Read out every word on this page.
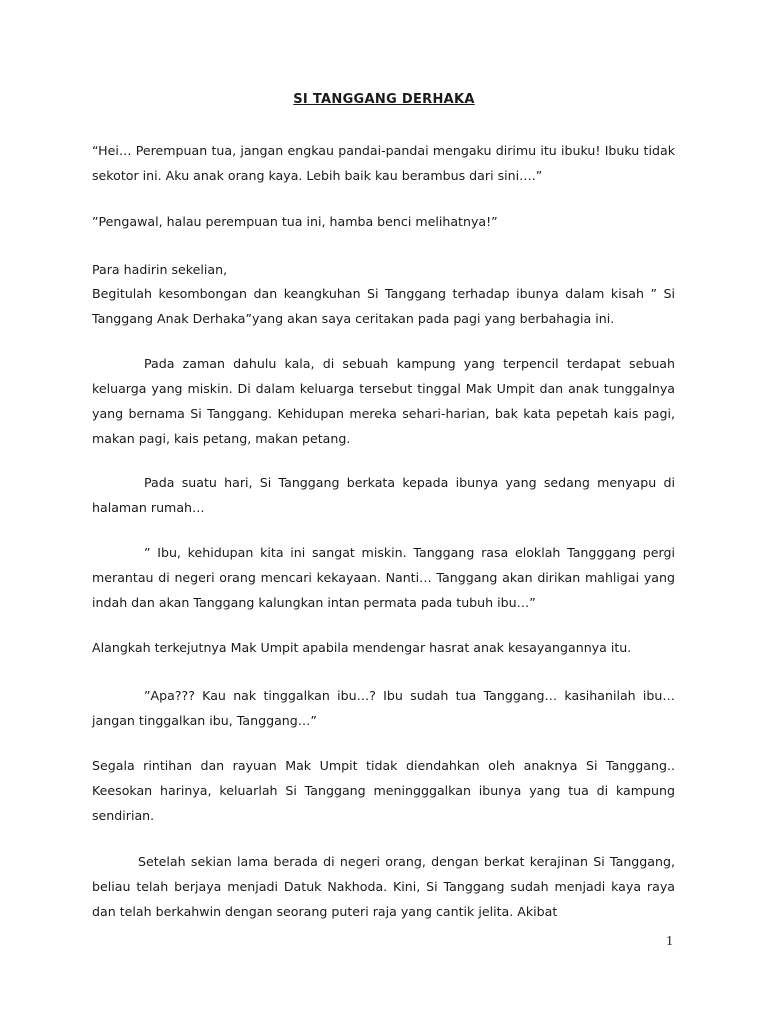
SI TANGGANG DERHAKA

“Hei… Perempuan tua, jangan engkau pandai-pandai mengaku dirimu itu ibuku! Ibuku tidak sekotor ini. Aku anak orang kaya. Lebih baik kau berambus dari sini….”

”Pengawal, halau perempuan tua ini, hamba benci melihatnya!”

Para hadirin sekelian,

Begitulah kesombongan dan keangkuhan Si Tanggang terhadap ibunya dalam kisah ” Si Tanggang Anak Derhaka”yang akan saya ceritakan pada pagi yang berbahagia ini.

Pada zaman dahulu kala, di sebuah kampung yang terpencil terdapat sebuah keluarga yang miskin. Di dalam keluarga tersebut tinggal Mak Umpit dan anak tunggalnya yang bernama Si Tanggang. Kehidupan mereka sehari-harian, bak kata pepetah kais pagi, makan pagi, kais petang, makan petang.

Pada suatu hari, Si Tanggang berkata kepada ibunya yang sedang menyapu di halaman rumah…

” Ibu, kehidupan kita ini sangat miskin. Tanggang rasa eloklah Tangggang pergi merantau di negeri orang mencari kekayaan. Nanti… Tanggang akan dirikan mahligai yang indah dan akan Tanggang kalungkan intan permata pada tubuh ibu…”

Alangkah terkejutnya Mak Umpit apabila mendengar hasrat anak kesayangannya itu.

”Apa??? Kau nak tinggalkan ibu…? Ibu sudah tua Tanggang… kasihanilah ibu… jangan tinggalkan ibu, Tanggang…”

Segala rintihan dan rayuan Mak Umpit tidak diendahkan oleh anaknya Si Tanggang.. Keesokan harinya, keluarlah Si Tanggang meningggalkan ibunya yang tua di kampung sendirian.

Setelah sekian lama berada di negeri orang, dengan berkat kerajinan Si Tanggang, beliau telah berjaya menjadi Datuk Nakhoda. Kini, Si Tanggang sudah menjadi kaya raya dan telah berkahwin dengan seorang puteri raja yang cantik jelita. Akibat

1
